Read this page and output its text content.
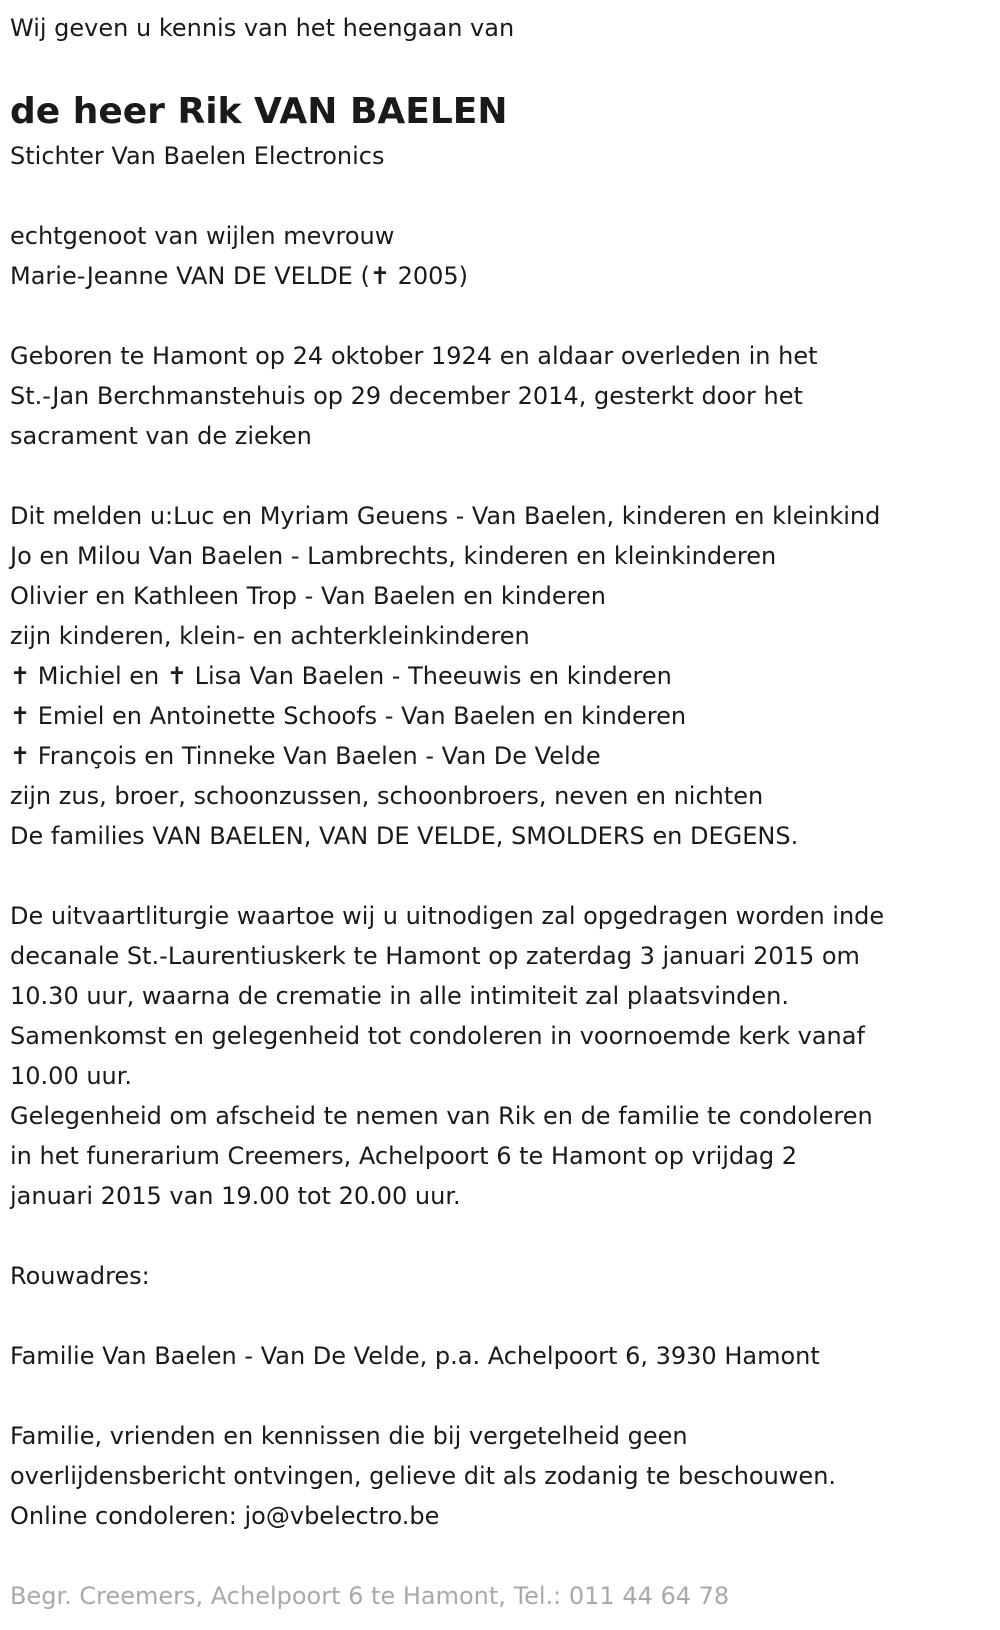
Wij geven u kennis van het heengaan van
de heer Rik VAN BAELEN
Stichter Van Baelen Electronics
echtgenoot van wijlen mevrouw
Marie-Jeanne VAN DE VELDE (✝ 2005)
Geboren te Hamont op 24 oktober 1924 en aldaar overleden in het
St.-Jan Berchmanstehuis op 29 december 2014, gesterkt door het
sacrament van de zieken
Dit melden u:Luc en Myriam Geuens - Van Baelen, kinderen en kleinkind
Jo en Milou Van Baelen - Lambrechts, kinderen en kleinkinderen
Olivier en Kathleen Trop - Van Baelen en kinderen
zijn kinderen, klein- en achterkleinkinderen
✝ Michiel en ✝ Lisa Van Baelen - Theeuwis en kinderen
✝ Emiel en Antoinette Schoofs - Van Baelen en kinderen
✝ François en Tinneke Van Baelen - Van De Velde
zijn zus, broer, schoonzussen, schoonbroers, neven en nichten
De families VAN BAELEN, VAN DE VELDE, SMOLDERS en DEGENS.
De uitvaartliturgie waartoe wij u uitnodigen zal opgedragen worden inde
decanale St.-Laurentiuskerk te Hamont op zaterdag 3 januari 2015 om
10.30 uur, waarna de crematie in alle intimiteit zal plaatsvinden.
Samenkomst en gelegenheid tot condoleren in voornoemde kerk vanaf
10.00 uur.
Gelegenheid om afscheid te nemen van Rik en de familie te condoleren
in het funerarium Creemers, Achelpoort 6 te Hamont op vrijdag 2
januari 2015 van 19.00 tot 20.00 uur.
Rouwadres:
Familie Van Baelen - Van De Velde, p.a. Achelpoort 6, 3930 Hamont
Familie, vrienden en kennissen die bij vergetelheid geen
overlijdensbericht ontvingen, gelieve dit als zodanig te beschouwen.
Online condoleren: jo@vbelectro.be
Begr. Creemers, Achelpoort 6 te Hamont, Tel.: 011 44 64 78
